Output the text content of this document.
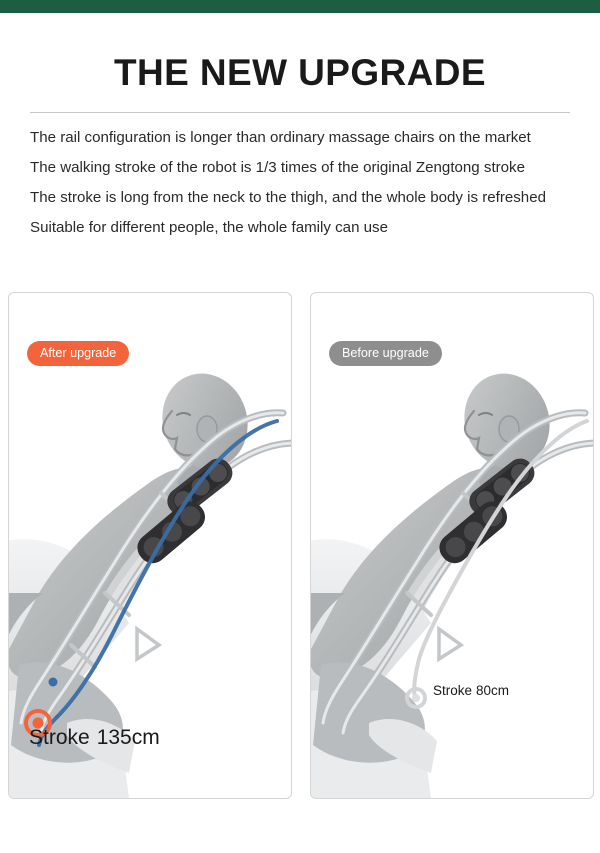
THE NEW UPGRADE

The rail configuration is longer than ordinary massage chairs on the market

The walking stroke of the robot is 1/3 times of the original Zengtong stroke

The stroke is long from the neck to the thigh, and the whole body is refreshed

Suitable for different people, the whole family can use

After upgrade
Stroke 135cm
Before upgrade
Stroke 80cm
